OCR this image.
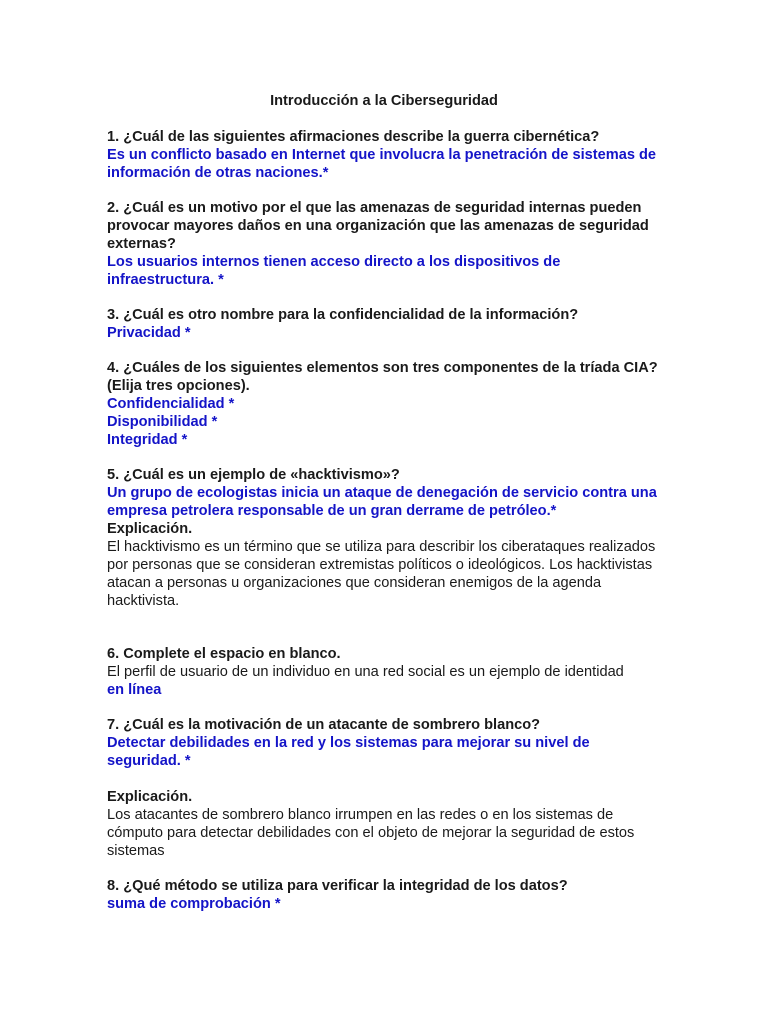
Introducción a la Ciberseguridad
1. ¿Cuál de las siguientes afirmaciones describe la guerra cibernética?
Es un conflicto basado en Internet que involucra la penetración de sistemas de información de otras naciones.*
2. ¿Cuál es un motivo por el que las amenazas de seguridad internas pueden provocar mayores daños en una organización que las amenazas de seguridad externas?
Los usuarios internos tienen acceso directo a los dispositivos de infraestructura. *
3. ¿Cuál es otro nombre para la confidencialidad de la información?
Privacidad *
4. ¿Cuáles de los siguientes elementos son tres componentes de la tríada CIA? (Elija tres opciones).
Confidencialidad *
Disponibilidad *
Integridad *
5. ¿Cuál es un ejemplo de «hacktivismo»?
Un grupo de ecologistas inicia un ataque de denegación de servicio contra una empresa petrolera responsable de un gran derrame de petróleo.*
Explicación.
El hacktivismo es un término que se utiliza para describir los ciberataques realizados por personas que se consideran extremistas políticos o ideológicos. Los hacktivistas atacan a personas u organizaciones que consideran enemigos de la agenda hacktivista.
6. Complete el espacio en blanco.
El perfil de usuario de un individuo en una red social es un ejemplo de identidad
en línea
7. ¿Cuál es la motivación de un atacante de sombrero blanco?
Detectar debilidades en la red y los sistemas para mejorar su nivel de seguridad. *
Explicación.
Los atacantes de sombrero blanco irrumpen en las redes o en los sistemas de cómputo para detectar debilidades con el objeto de mejorar la seguridad de estos sistemas
8. ¿Qué método se utiliza para verificar la integridad de los datos?
suma de comprobación *
